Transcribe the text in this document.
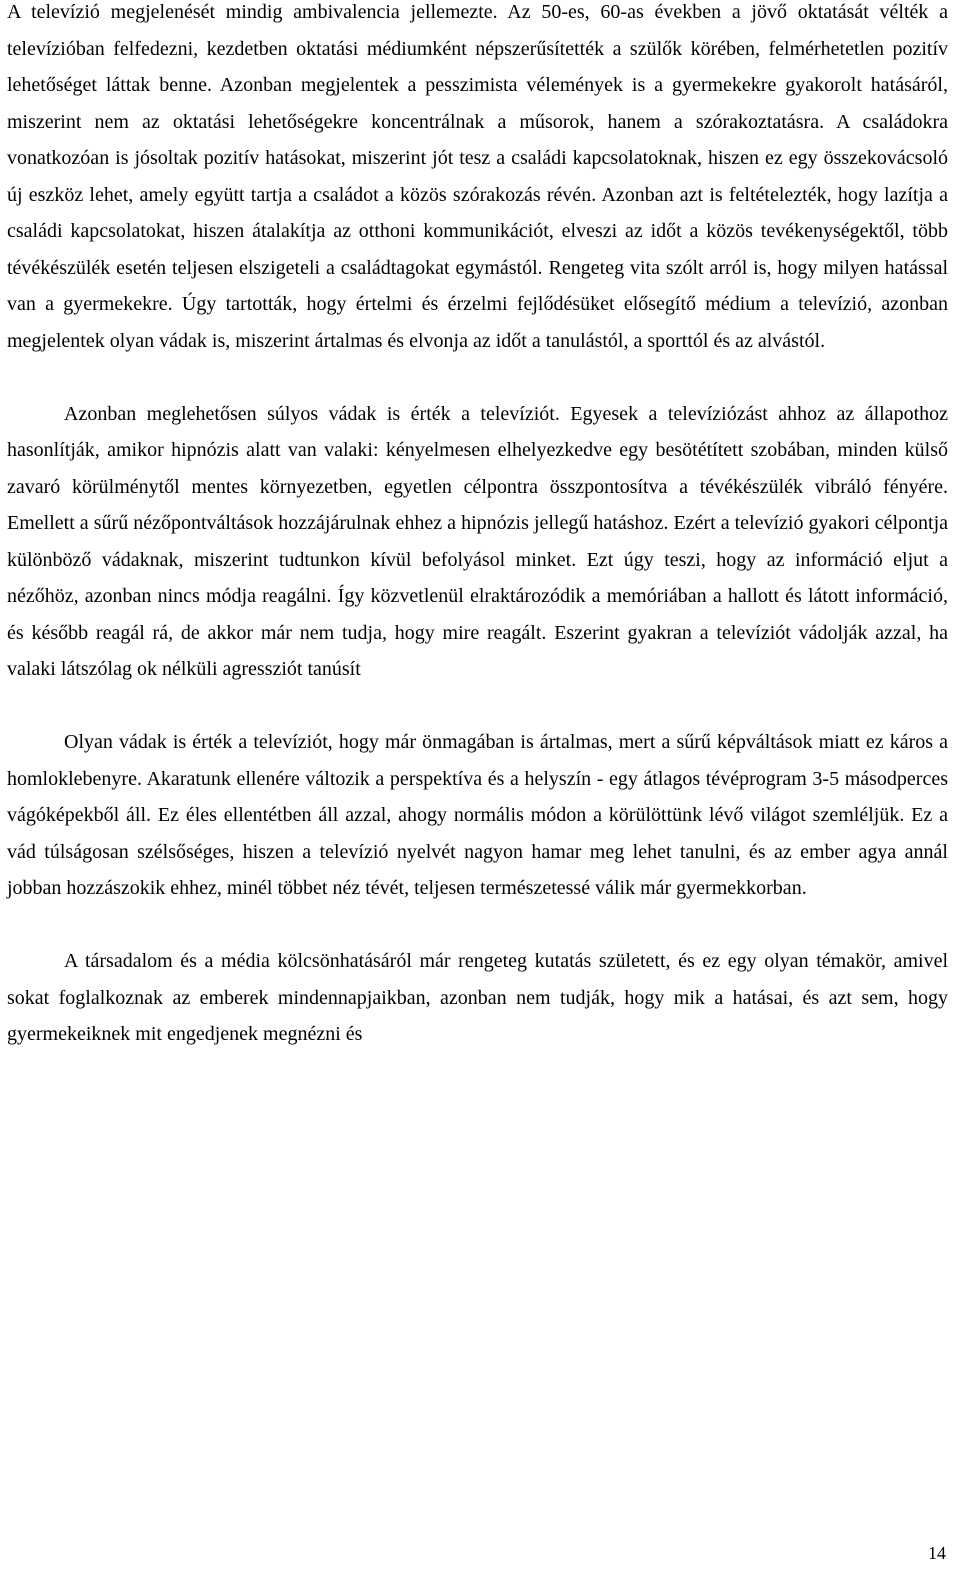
A televízió megjelenését mindig ambivalencia jellemezte. Az 50-es, 60-as években a jövő oktatását vélték a televízióban felfedezni, kezdetben oktatási médiumként népszerűsítették a szülők körében, felmérhetetlen pozitív lehetőséget láttak benne. Azonban megjelentek a pesszimista vélemények is a gyermekekre gyakorolt hatásáról, miszerint nem az oktatási lehetőségekre koncentrálnak a műsorok, hanem a szórakoztatásra. A családokra vonatkozóan is jósoltak pozitív hatásokat, miszerint jót tesz a családi kapcsolatoknak, hiszen ez egy összekovácsoló új eszköz lehet, amely együtt tartja a családot a közös szórakozás révén. Azonban azt is feltételezték, hogy lazítja a családi kapcsolatokat, hiszen átalakítja az otthoni kommunikációt, elveszi az időt a közös tevékenységektől, több tévékészülék esetén teljesen elszigeteli a családtagokat egymástól. Rengeteg vita szólt arról is, hogy milyen hatással van a gyermekekre. Úgy tartották, hogy értelmi és érzelmi fejlődésüket elősegítő médium a televízió, azonban megjelentek olyan vádak is, miszerint ártalmas és elvonja az időt a tanulástól, a sporttól és az alvástól.

Azonban meglehetősen súlyos vádak is érték a televíziót. Egyesek a televíziózást ahhoz az állapothoz hasonlítják, amikor hipnózis alatt van valaki: kényelmesen elhelyezkedve egy besötétített szobában, minden külső zavaró körülménytől mentes környezetben, egyetlen célpontra összpontosítva a tévékészülék vibráló fényére. Emellett a sűrű nézőpontváltások hozzájárulnak ehhez a hipnózis jellegű hatáshoz. Ezért a televízió gyakori célpontja különböző vádaknak, miszerint tudtunkon kívül befolyásol minket. Ezt úgy teszi, hogy az információ eljut a nézőhöz, azonban nincs módja reagálni. Így közvetlenül elraktározódik a memóriában a hallott és látott információ, és később reagál rá, de akkor már nem tudja, hogy mire reagált. Eszerint gyakran a televíziót vádolják azzal, ha valaki látszólag ok nélküli agressziót tanúsít

Olyan vádak is érték a televíziót, hogy már önmagában is ártalmas, mert a sűrű képváltások miatt ez káros a homloklebenyre. Akaratunk ellenére változik a perspektíva és a helyszín - egy átlagos tévéprogram 3-5 másodperces vágóképekből áll. Ez éles ellentétben áll azzal, ahogy normális módon a körülöttünk lévő világot szemléljük. Ez a vád túlságosan szélsőséges, hiszen a televízió nyelvét nagyon hamar meg lehet tanulni, és az ember agya annál jobban hozzászokik ehhez, minél többet néz tévét, teljesen természetessé válik már gyermekkorban.

A társadalom és a média kölcsönhatásáról már rengeteg kutatás született, és ez egy olyan témakör, amivel sokat foglalkoznak az emberek mindennapjaikban, azonban nem tudják, hogy mik a hatásai, és azt sem, hogy gyermekeiknek mit engedjenek megnézni és

14
